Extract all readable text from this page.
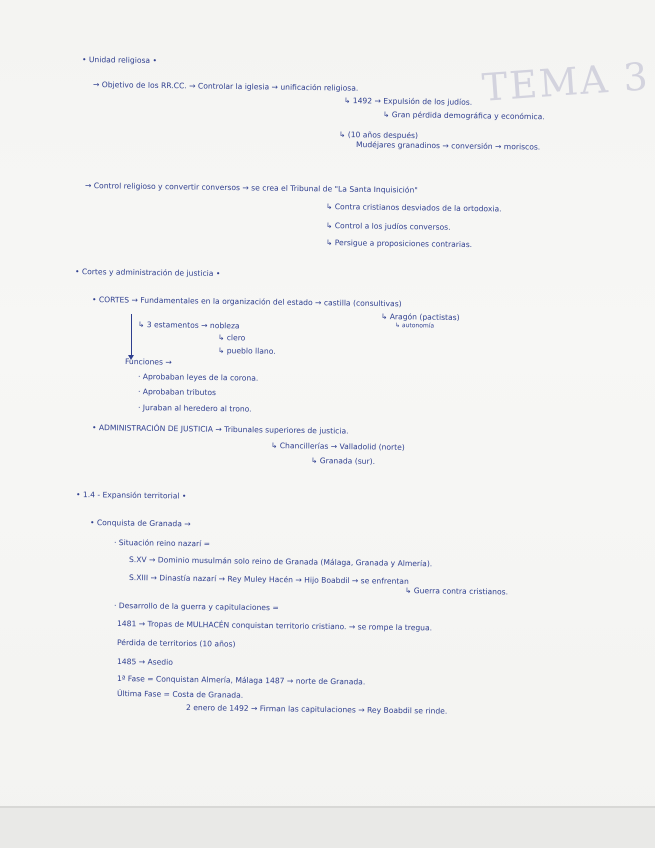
TEMA 3
• Unidad religiosa •
→ Objetivo de los RR.CC. → Controlar la iglesia → unificación religiosa.
↳ 1492 → Expulsión de los judíos.
↳ Gran pérdida demográfica y económica.
↳ (10 años después)
Mudéjares granadinos → conversión → moriscos.
→ Control religioso y convertir conversos → se crea el Tribunal de "La Santa Inquisición"
↳ Contra cristianos desviados de la ortodoxia.
↳ Control a los judíos conversos.
↳ Persigue a proposiciones contrarias.
• Cortes y administración de justicia •
• CORTES → Fundamentales en la organización del estado → castilla (consultivas)
↳ Aragón (pactistas)
↳ autonomía
↳ 3 estamentos → nobleza
↳ clero
↳ pueblo llano.
Funciones →
· Aprobaban leyes de la corona.
· Aprobaban tributos
· Juraban al heredero al trono.
• ADMINISTRACIÓN DE JUSTICIA → Tribunales superiores de justicia.
↳ Chancillerías → Valladolid (norte)
↳ Granada (sur).
• 1.4 - Expansión territorial •
• Conquista de Granada →
· Situación reino nazarí =
S.XV → Dominio musulmán solo reino de Granada (Málaga, Granada y Almería).
S.XIII → Dinastía nazarí → Rey Muley Hacén → Hijo Boabdil → se enfrentan
↳ Guerra contra cristianos.
· Desarrollo de la guerra y capitulaciones =
1481 → Tropas de MULHACÉN conquistan territorio cristiano. → se rompe la tregua.
Pérdida de territorios (10 años)
1485 → Asedio
1ª Fase = Conquistan Almería, Málaga 1487 → norte de Granada.
Última Fase = Costa de Granada.
2 enero de 1492 → Firman las capitulaciones → Rey Boabdil se rinde.
